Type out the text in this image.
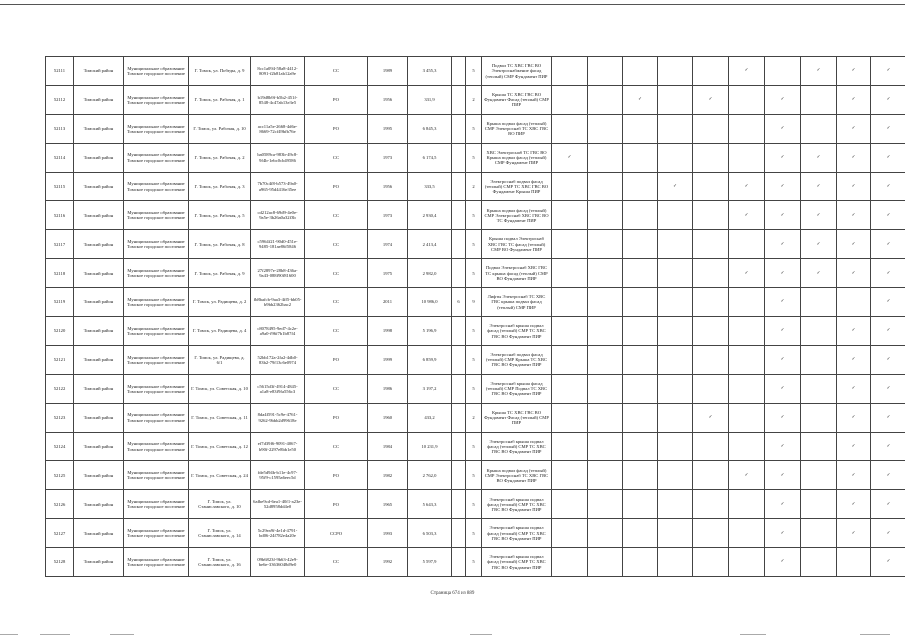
52111	Томский район	Муниципальное образование Томское городское поселение	Г. Томск, ул. Победы, д. 9	8cc1a094-58a8-4412-8091-f2b81ab12a9e	СС	1989	3 455,3		5	Подвал ТС ХВС ГВС ВО Электроснабжение фасад (теплый) СМР Фундамент ПИР						✓		✓	✓	✓
52112	Томский район	Муниципальное образование Томское городское поселение	Г. Томск, ул. Рабочая, д. 1	b19d8b9f-b5b2-451f-8548-4c47ab13e3e5	РО	1956	331,9		2	Крыша ТС ХВС ГВС ВО Фундамент Фасад (теплый) СМР ПИР			✓		✓		✓		✓	✓
52113	Томский район	Муниципальное образование Томское городское поселение	Г. Томск, ул. Рабочая, д. 10	acc11a5e-2668-4d6e-8669-72cf49bfb76e	РО	1995	6 845,3		5	Крыша подвал фасад (теплый) СМР Электроснаб ТС ХВС ГВС ВО ПИР							✓		✓	✓
52114	Томский район	Муниципальное образование Томское городское поселение	Г. Томск, ул. Рабочая, д. 2	ba0589ca-983b-49c8-9f4b-1ebc0cb49586	СС	1973	6 174,5		5	ХВС Электроснаб ТС ГВС ВО Крыша подвал фасад (теплый) СМР Фундамент ПИР	✓						✓	✓	✓	✓
52115	Томский район	Муниципальное образование Томское городское поселение	Г. Томск, ул. Рабочая, д. 3	7b70c4f8-b573-49a0-a965-95d4416e35ee	РО	1956	333,5		2	Электроснаб подвал фасад (теплый) СМР ТС ХВС ГВС ВО Фундамент Крыша ПИР				✓		✓	✓	✓	✓	✓
52116	Томский район	Муниципальное образование Томское городское поселение	Г. Томск, ул. Рабочая, д. 5	cd212ac8-69d9-4e0e-9a5e-3b26a0a32f3b	СС	1973	2 930,4		5	Крыша подвал фасад (теплый) СМР Электроснаб ХВС ГВС ВО ТС Фундамент ПИР						✓	✓	✓	✓	✓
52117	Томский район	Муниципальное образование Томское городское поселение	Г. Томск, ул. Рабочая, д. 8	c5964f21-90d0-451e-9485-181ae86f5846	СС	1974	2 413,4		5	Крыша подвал Электроснаб ХВС ГВС ТС фасад (теплый) СМР ВО Фундамент ПИР							✓	✓	✓	✓
52118	Томский район	Муниципальное образование Томское городское поселение	Г. Томск, ул. Рабочая, д. 9	27f2897e-28b8-436a-9a43-088f90f81600	СС	1975	2 982,0		5	Подвал Электроснаб ХВС ГВС ТС крыша фасад (теплый) СМР ВО Фундамент ПИР						✓	✓	✓	✓	✓
52119	Томский район	Муниципальное образование Томское городское поселение	Г. Томск, ул. Радищева, д. 2	fb8bafcb-9aa3-4ff5-bb05-b9bb2362bac2	СС	2011	10 986,0	6	9	Лифты Электроснаб ТС ХВС ГВС крыша подвал фасад (теплый) СМР ПИР							✓			✓
52120	Томский район	Муниципальное образование Томское городское поселение	Г. Томск, ул. Радищева, д. 4	c8078495-9ed7-4c2e-a9a0-f96f7b1b87f4	СС	1998	5 196,9		5	Электроснаб крыша подвал фасад (теплый) СМР ТС ХВС ГВС ВО Фундамент ПИР							✓		✓	✓
52121	Томский район	Муниципальное образование Томское городское поселение	Г. Томск, ул. Радищева, д. 6/1	52bb172a-2fa2-4db0-83b2-79f13c6e0974	РО	1999	6 859,9		5	Электроснаб подвал фасад (теплый) СМР Крыша ТС ХВС ГВС ВО Фундамент ПИР							✓		✓	✓
52122	Томский район	Муниципальное образование Томское городское поселение	Г. Томск, ул. Советская, д. 10	c5615d3f-4914-4845-a1a8-e83f9fa556c3	СС	1986	3 197,2		5	Электроснаб крыша фасад (теплый) СМР Подвал ТС ХВС ГВС ВО Фундамент ПИР							✓		✓	✓
52123	Томский район	Муниципальное образование Томское городское поселение	Г. Томск, ул. Советская, д. 11	8da4f591-5c9e-4761-9262-9bbb2d99618e	РО	1960	433,2		2	Крыша ТС ХВС ГВС ВО Фундамент Фасад (теплый) СМР ПИР					✓		✓		✓	✓
52124	Томский район	Муниципальное образование Томское городское поселение	Г. Томск, ул. Советская, д. 12	ef7d39f6-9091-4067-b90f-2297e8bb1e50	СС	1984	10 231,9		5	Электроснаб крыша подвал фасад (теплый) СМР ТС ХВС ГВС ВО Фундамент ПИР							✓		✓	✓
52125	Томский район	Муниципальное образование Томское городское поселение	Г. Томск, ул. Советская, д. 24	fde5d94b-b11e-4c97-95f9-c1595a6eec5d	РО	1982	2 762,0		5	Крыша подвал фасад (теплый) СМР Электроснаб ТС ХВС ГВС ВО Фундамент ПИР						✓	✓		✓	✓
52126	Томский район	Муниципальное образование Томское городское поселение	Г. Томск, ул. Станиславского, д. 10	6afbe9cd-6ea1-40f1-a23e-52d8958dd4e0	РО	1965	5 643,3		5	Электроснаб крыша подвал фасад (теплый) СМР ТС ХВС ГВС ВО Фундамент ПИР							✓		✓	✓
52127	Томский район	Муниципальное образование Томское городское поселение	Г. Томск, ул. Станиславского, д. 14	5c29ea9f-4e1d-4791-bd06-24f782e4a20e	ССРО	1993	6 503,3		5	Электроснаб крыша подвал фасад (теплый) СМР ТС ХВС ГВС ВО Фундамент ПИР							✓		✓	✓
52128	Томский район	Муниципальное образование Томское городское поселение	Г. Томск, ул. Станиславского, д. 16	09b6823f-9b63-42e9-be6e-33636048d9e0	СС	1992	5 597,9		5	Электроснаб крыша подвал фасад (теплый) СМР ТС ХВС ГВС ВО Фундамент ПИР							✓			✓
Страница 674 из 889
